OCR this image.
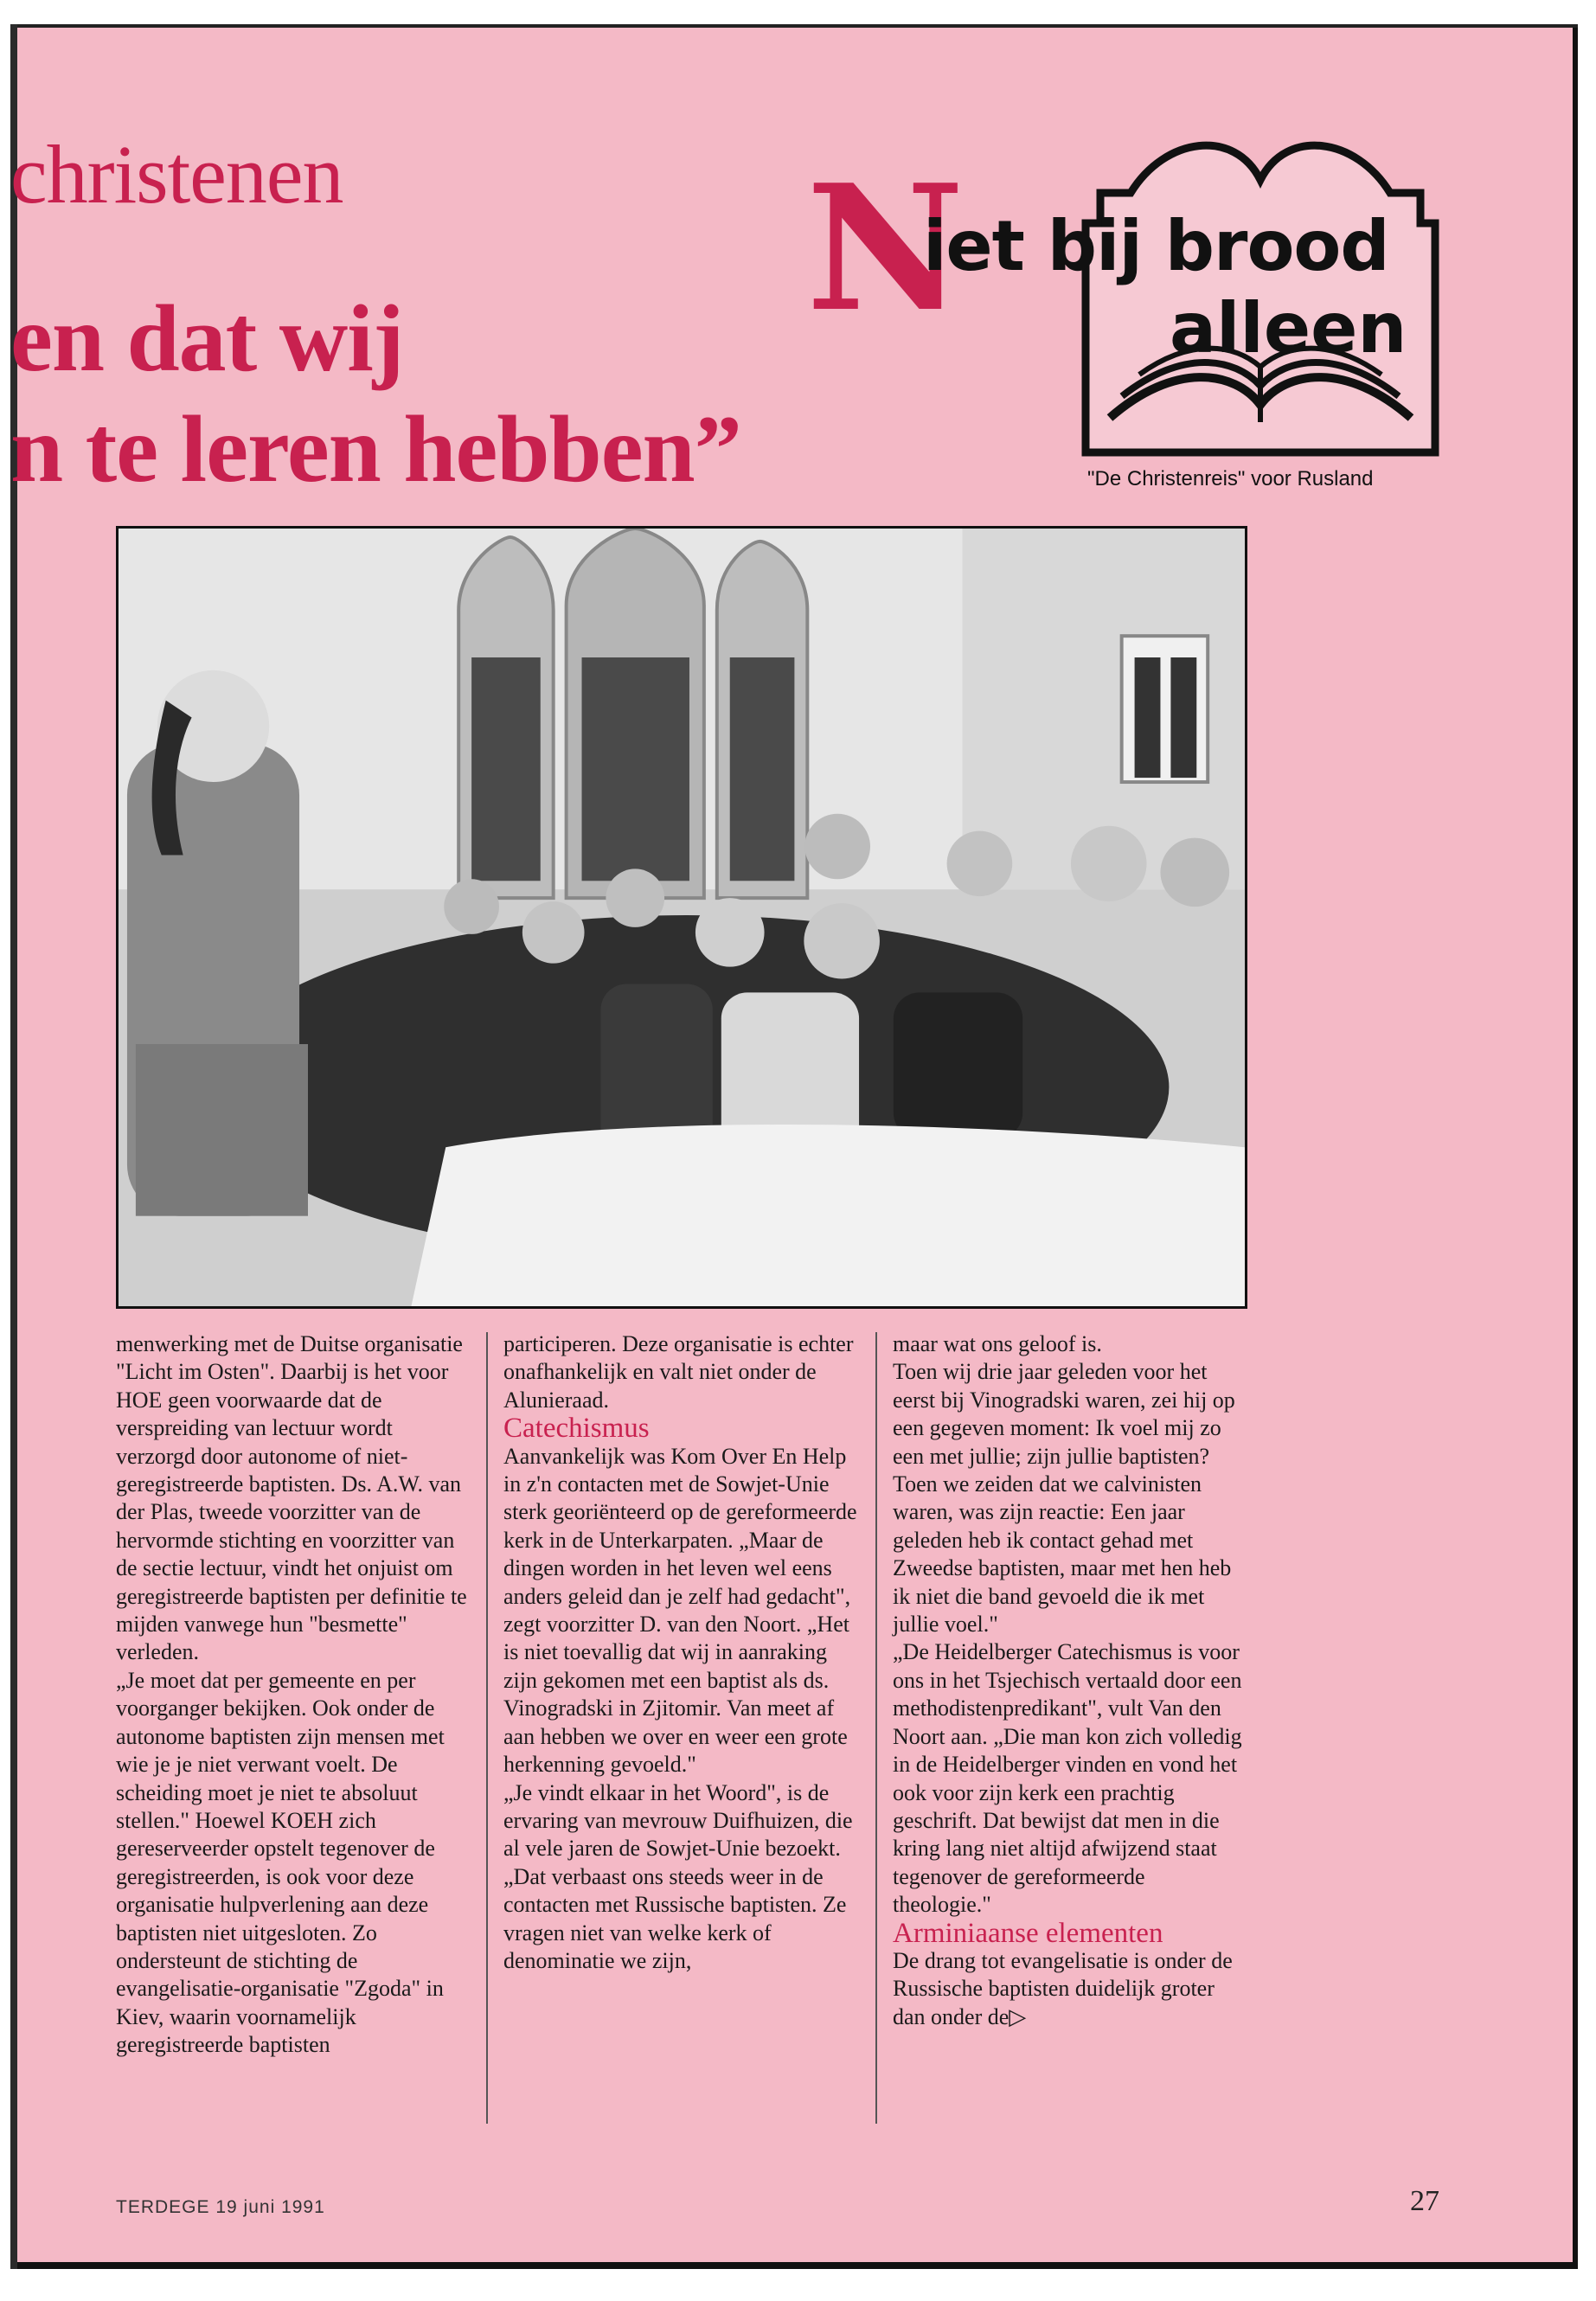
christenen
en dat wij
n te leren hebben”
N
iet bij brood
alleen
"De Christenreis" voor Rusland

menwerking met de Duitse organisatie "Licht im Osten". Daarbij is het voor HOE geen voorwaarde dat de verspreiding van lectuur wordt verzorgd door autonome of niet-geregistreerde baptisten. Ds. A.W. van der Plas, tweede voorzitter van de hervormde stichting en voorzitter van de sectie lectuur, vindt het onjuist om geregistreerde baptisten per definitie te mijden vanwege hun "besmette" verleden.

„Je moet dat per gemeente en per voorganger bekijken. Ook onder de autonome baptisten zijn mensen met wie je je niet verwant voelt. De scheiding moet je niet te absoluut stellen." Hoewel KOEH zich gereserveerder opstelt tegenover de geregistreerden, is ook voor deze organisatie hulpverlening aan deze baptisten niet uitgesloten. Zo ondersteunt de stichting de evangelisatie-organisatie "Zgoda" in Kiev, waarin voornamelijk geregistreerde baptisten

participeren. Deze organisatie is echter onafhankelijk en valt niet onder de Alunieraad.

Catechismus

Aanvankelijk was Kom Over En Help in z'n contacten met de Sowjet-Unie sterk georiënteerd op de gereformeerde kerk in de Unterkarpaten. „Maar de dingen worden in het leven wel eens anders geleid dan je zelf had gedacht", zegt voorzitter D. van den Noort. „Het is niet toevallig dat wij in aanraking zijn gekomen met een baptist als ds. Vinogradski in Zjitomir. Van meet af aan hebben we over en weer een grote herkenning gevoeld."

„Je vindt elkaar in het Woord", is de ervaring van mevrouw Duifhuizen, die al vele jaren de Sowjet-Unie bezoekt. „Dat verbaast ons steeds weer in de contacten met Russische baptisten. Ze vragen niet van welke kerk of denominatie we zijn,

maar wat ons geloof is.

Toen wij drie jaar geleden voor het eerst bij Vinogradski waren, zei hij op een gegeven moment: Ik voel mij zo een met jullie; zijn jullie baptisten? Toen we zeiden dat we calvinisten waren, was zijn reactie: Een jaar geleden heb ik contact gehad met Zweedse baptisten, maar met hen heb ik niet die band gevoeld die ik met jullie voel."

„De Heidelberger Catechismus is voor ons in het Tsjechisch vertaald door een methodistenpredikant", vult Van den Noort aan. „Die man kon zich volledig in de Heidelberger vinden en vond het ook voor zijn kerk een prachtig geschrift. Dat bewijst dat men in die kring lang niet altijd afwijzend staat tegenover de gereformeerde theologie."

Arminiaanse elementen

De drang tot evangelisatie is onder de Russische baptisten duidelijk groter dan onder de▷

TERDEGE 19 juni 1991	27
